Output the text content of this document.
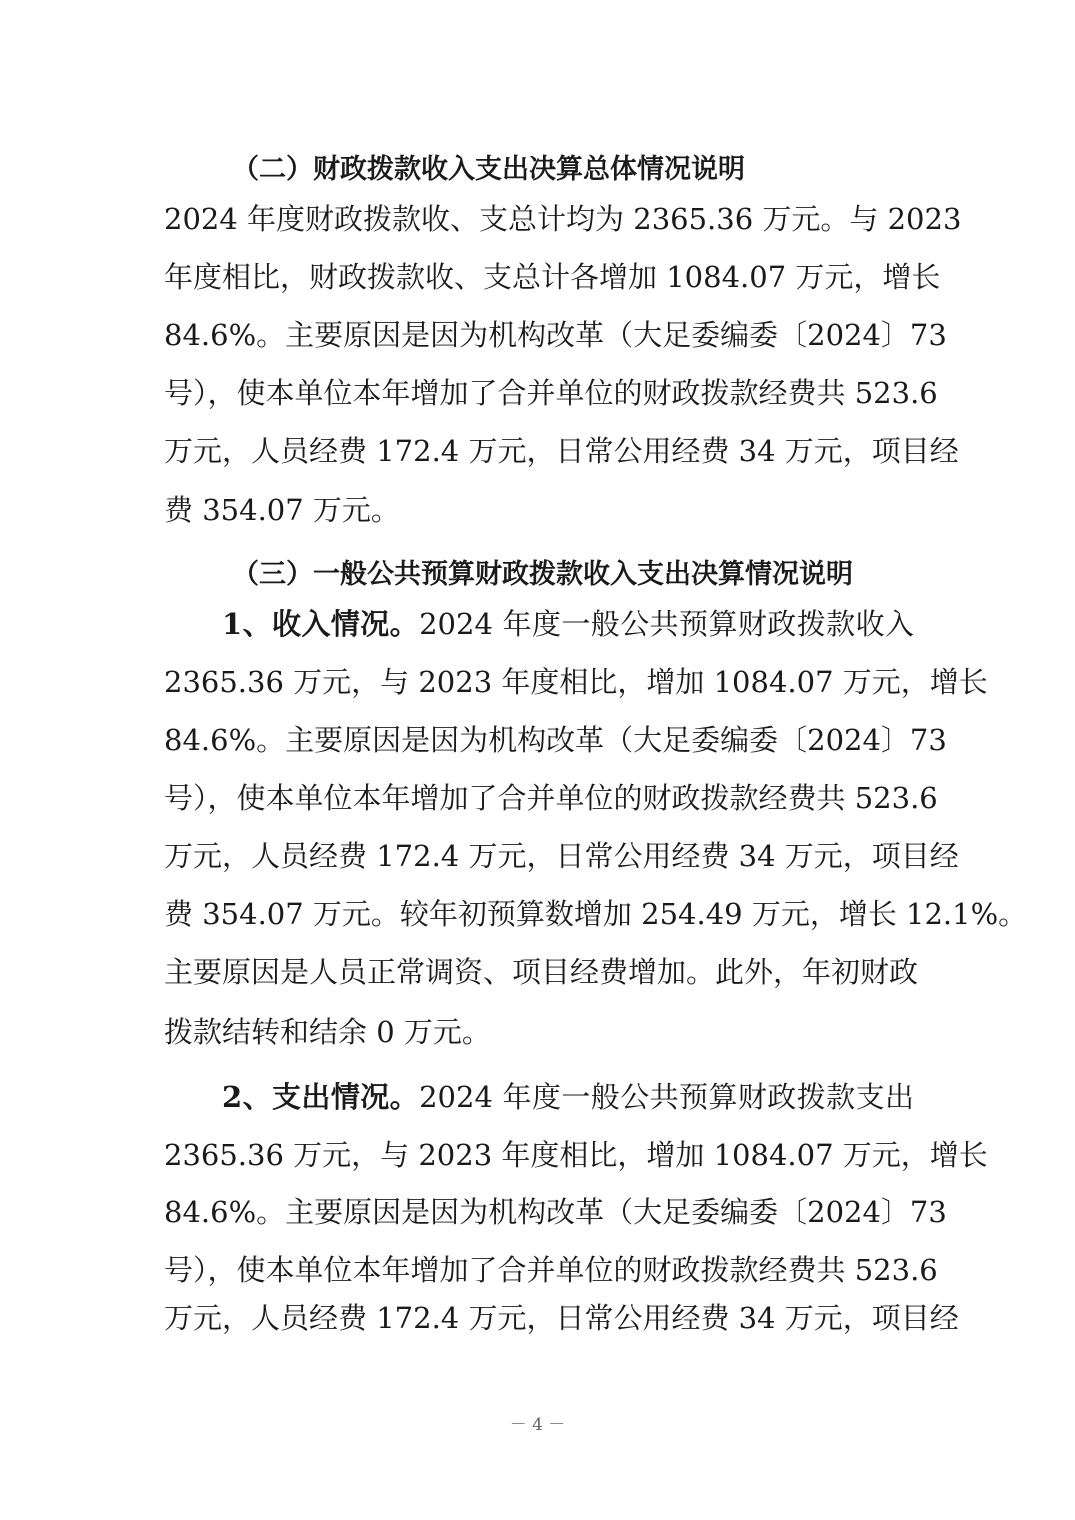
（二）财政拨款收入支出决算总体情况说明
2024 年度财政拨款收、支总计均为 2365.36 万元。与 2023
年度相比，财政拨款收、支总计各增加 1084.07 万元，增长
84.6%。主要原因是因为机构改革（大足委编委〔2024〕73
号），使本单位本年增加了合并单位的财政拨款经费共 523.6
万元，人员经费 172.4 万元，日常公用经费 34 万元，项目经
费 354.07 万元。
（三）一般公共预算财政拨款收入支出决算情况说明
1、收入情况。2024 年度一般公共预算财政拨款收入
2365.36 万元，与 2023 年度相比，增加 1084.07 万元，增长
84.6%。主要原因是因为机构改革（大足委编委〔2024〕73
号），使本单位本年增加了合并单位的财政拨款经费共 523.6
万元，人员经费 172.4 万元，日常公用经费 34 万元，项目经
费 354.07 万元。较年初预算数增加 254.49 万元，增长 12.1%。
主要原因是人员正常调资、项目经费增加。此外，年初财政
拨款结转和结余 0 万元。
2、支出情况。2024 年度一般公共预算财政拨款支出
2365.36 万元，与 2023 年度相比，增加 1084.07 万元，增长
84.6%。主要原因是因为机构改革（大足委编委〔2024〕73
号），使本单位本年增加了合并单位的财政拨款经费共 523.6
万元，人员经费 172.4 万元，日常公用经费 34 万元，项目经
－ 4 －
